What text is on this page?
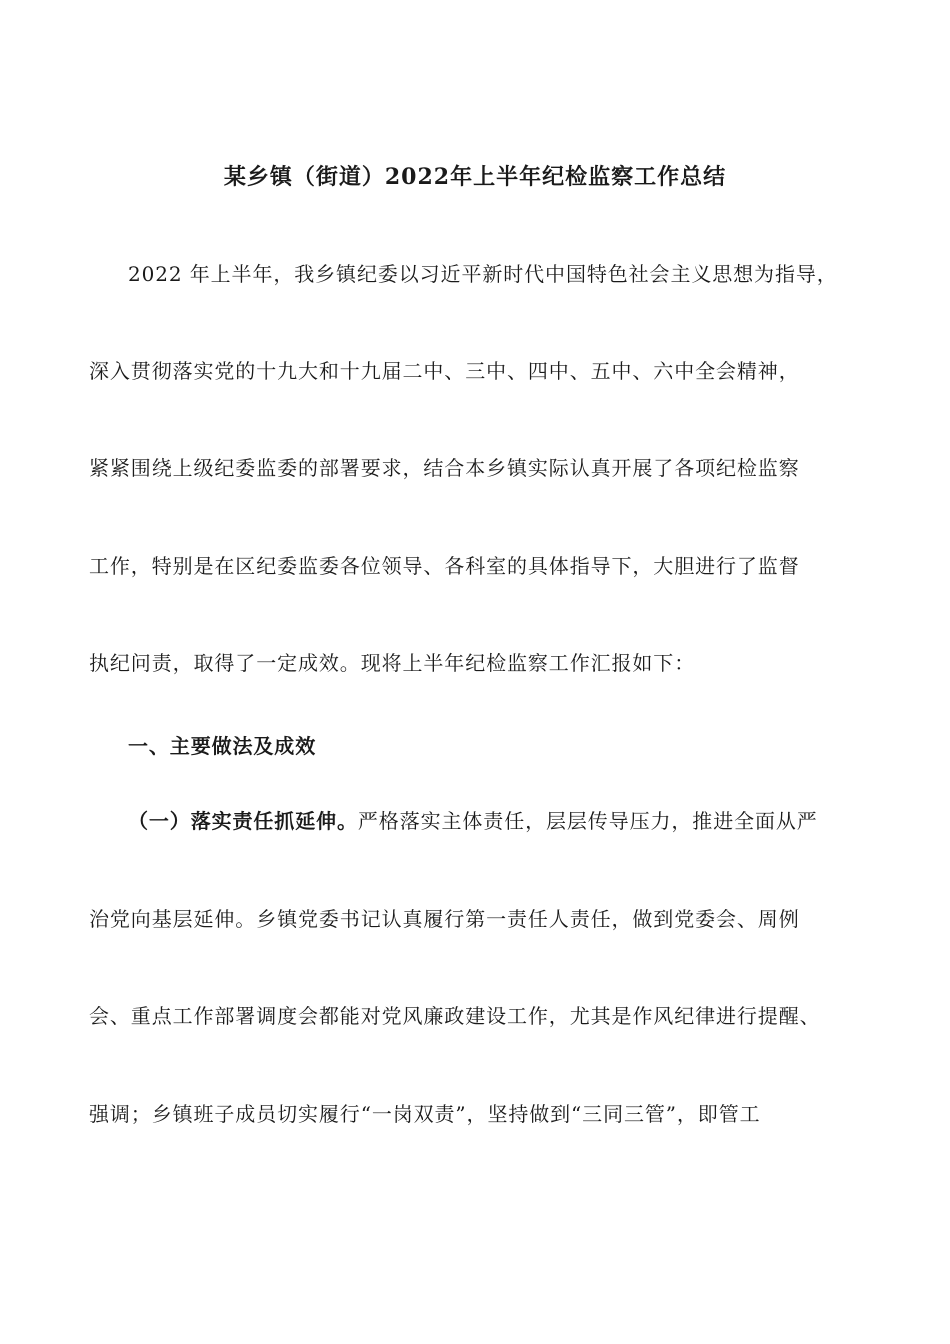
某乡镇（街道）2022年上半年纪检监察工作总结
2022 年上半年，我乡镇纪委以习近平新时代中国特色社会主义思想为指导，
深入贯彻落实党的十九大和十九届二中、三中、四中、五中、六中全会精神，
紧紧围绕上级纪委监委的部署要求，结合本乡镇实际认真开展了各项纪检监察
工作，特别是在区纪委监委各位领导、各科室的具体指导下，大胆进行了监督
执纪问责，取得了一定成效。现将上半年纪检监察工作汇报如下：
一、主要做法及成效
（一）落实责任抓延伸。严格落实主体责任，层层传导压力，推进全面从严
治党向基层延伸。乡镇党委书记认真履行第一责任人责任，做到党委会、周例
会、重点工作部署调度会都能对党风廉政建设工作，尤其是作风纪律进行提醒、
强调；乡镇班子成员切实履行“一岗双责”，坚持做到“三同三管”，即管工
